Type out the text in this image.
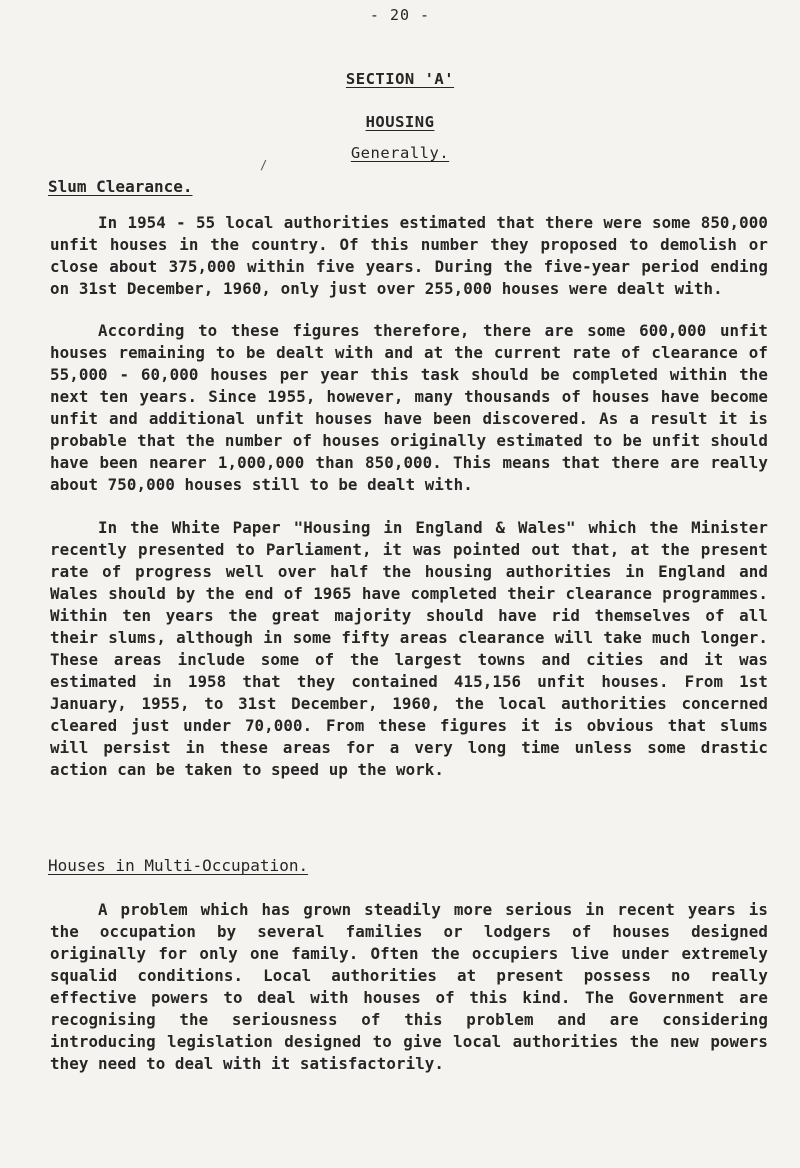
- 20 -
SECTION 'A'
HOUSING
Generally.
/
Slum Clearance.

In 1954 - 55 local authorities estimated that there were some 850,000 unfit houses in the country. Of this number they proposed to demolish or close about 375,000 within five years. During the five-year period ending on 31st December, 1960, only just over 255,000 houses were dealt with.

According to these figures therefore, there are some 600,000 unfit houses remaining to be dealt with and at the current rate of clearance of 55,000 - 60,000 houses per year this task should be completed within the next ten years. Since 1955, however, many thousands of houses have become unfit and additional unfit houses have been discovered. As a result it is probable that the number of houses originally estimated to be unfit should have been nearer 1,000,000 than 850,000. This means that there are really about 750,000 houses still to be dealt with.

In the White Paper "Housing in England & Wales" which the Minister recently presented to Parliament, it was pointed out that, at the present rate of progress well over half the housing authorities in England and Wales should by the end of 1965 have completed their clearance programmes. Within ten years the great majority should have rid themselves of all their slums, although in some fifty areas clearance will take much longer. These areas include some of the largest towns and cities and it was estimated in 1958 that they contained 415,156 unfit houses. From 1st January, 1955, to 31st December, 1960, the local authorities concerned cleared just under 70,000. From these figures it is obvious that slums will persist in these areas for a very long time unless some drastic action can be taken to speed up the work.

Houses in Multi-Occupation.

A problem which has grown steadily more serious in recent years is the occupation by several families or lodgers of houses designed originally for only one family. Often the occupiers live under extremely squalid conditions. Local authorities at present possess no really effective powers to deal with houses of this kind. The Government are recognising the seriousness of this problem and are considering introducing legislation designed to give local authorities the new powers they need to deal with it satisfactorily.
